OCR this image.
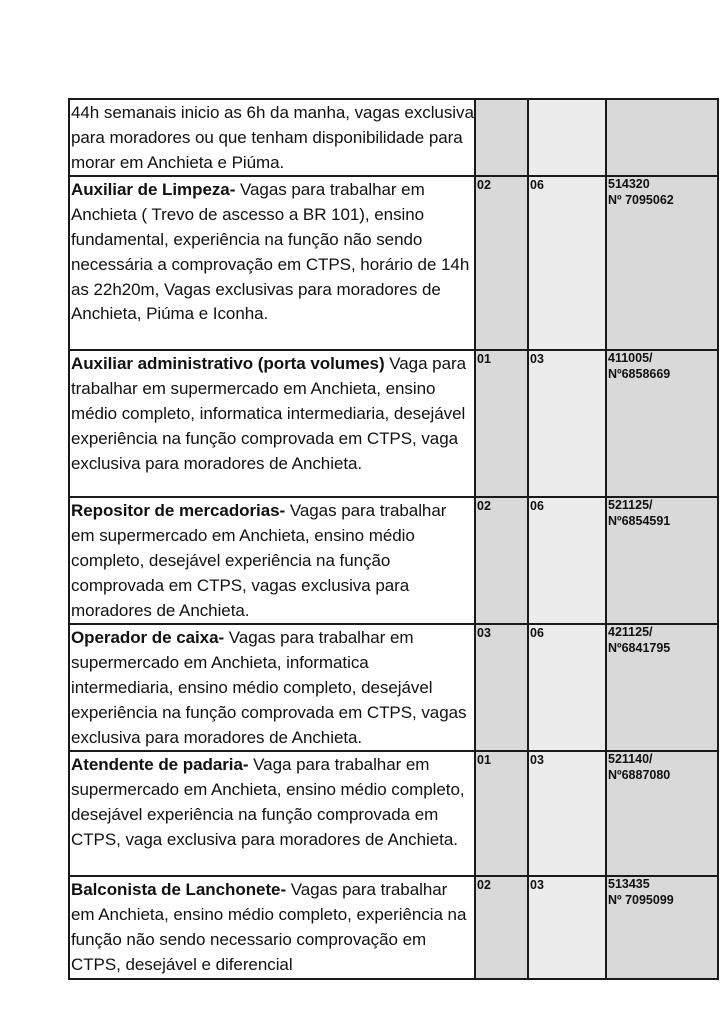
44h semanais inicio as 6h da manha, vagas exclusiva para moradores ou que tenham disponibilidade para morar em Anchieta e Piúma.			

Auxiliar de Limpeza- Vagas para trabalhar em Anchieta ( Trevo de ascesso a BR 101), ensino fundamental, experiência na função não sendo necessária a comprovação em CTPS, horário de 14h as 22h20m, Vagas exclusivas para moradores de Anchieta, Piúma e Iconha.	02	06	514320
Nº 7095062

Auxiliar administrativo (porta volumes) Vaga para trabalhar em supermercado em Anchieta, ensino médio completo, informatica intermediaria, desejável experiência na função comprovada em CTPS, vaga exclusiva para moradores de Anchieta.	01	03	411005/
Nº6858669

Repositor de mercadorias- Vagas para trabalhar em supermercado em Anchieta, ensino médio completo, desejável experiência na função comprovada em CTPS, vagas exclusiva para moradores de Anchieta.	02	06	521125/
Nº6854591

Operador de caixa- Vagas para trabalhar em supermercado em Anchieta, informatica intermediaria, ensino médio completo, desejável experiência na função comprovada em CTPS, vagas exclusiva para moradores de Anchieta.	03	06	421125/
Nº6841795

Atendente de padaria- Vaga para trabalhar em supermercado em Anchieta, ensino médio completo, desejável experiência na função comprovada em CTPS, vaga exclusiva para moradores de Anchieta.	01	03	521140/
Nº6887080

Balconista de Lanchonete- Vagas para trabalhar em Anchieta, ensino médio completo, experiência na função não sendo necessario comprovação em CTPS, desejável e diferencial	02	03	513435
Nº 7095099
